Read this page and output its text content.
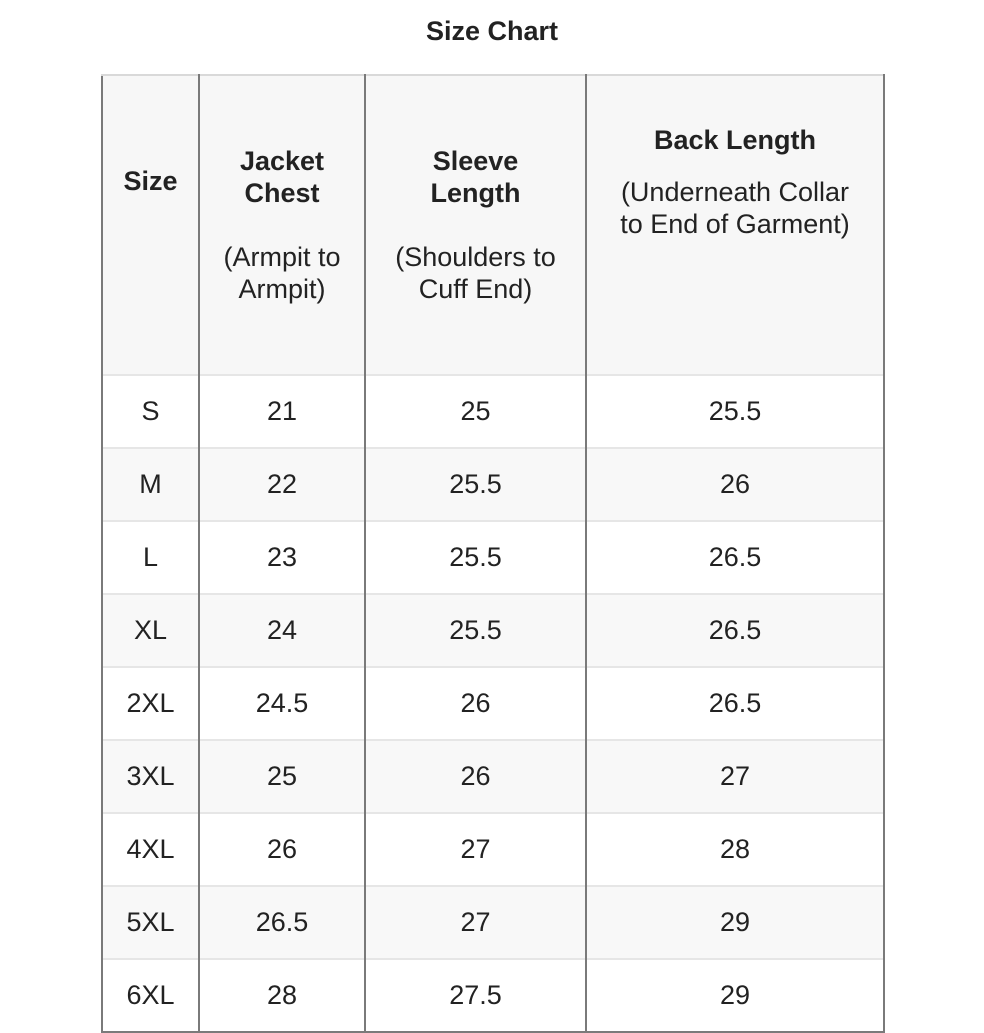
Size Chart
Size	Jacket
Chest
(Armpit to
Armpit)	Sleeve
Length
(Shoulders to
Cuff End)	Back Length
(Underneath Collar
to End of Garment)

S	21	25	25.5
M	22	25.5	26
L	23	25.5	26.5
XL	24	25.5	26.5
2XL	24.5	26	26.5
3XL	25	26	27
4XL	26	27	28
5XL	26.5	27	29
6XL	28	27.5	29
